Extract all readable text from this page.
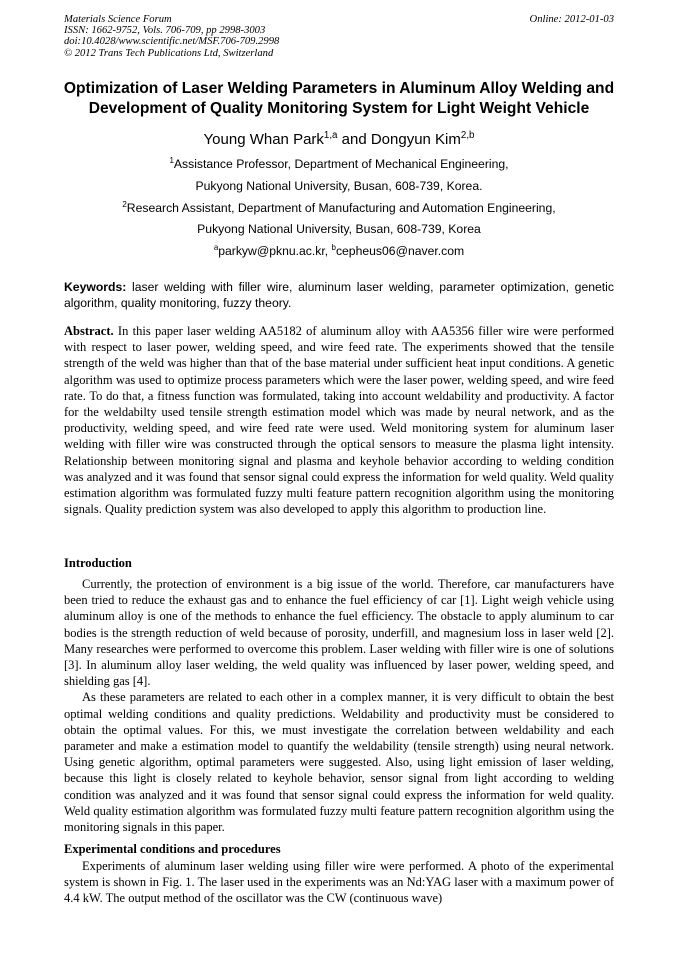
Materials Science Forum
ISSN: 1662-9752, Vols. 706-709, pp 2998-3003
doi:10.4028/www.scientific.net/MSF.706-709.2998
© 2012 Trans Tech Publications Ltd, Switzerland
Online: 2012-01-03
Optimization of Laser Welding Parameters in Aluminum Alloy Welding and Development of Quality Monitoring System for Light Weight Vehicle
Young Whan Park$^{1,a}$ and Dongyun Kim$^{2,b}$
$^1$Assistance Professor, Department of Mechanical Engineering,
Pukyong National University, Busan, 608-739, Korea.
$^2$Research Assistant, Department of Manufacturing and Automation Engineering,
Pukyong National University, Busan, 608-739, Korea
$^a$parkyw@pknu.ac.kr, $^b$cepheus06@naver.com
Keywords: laser welding with filler wire, aluminum laser welding, parameter optimization, genetic algorithm, quality monitoring, fuzzy theory.
Abstract. In this paper laser welding AA5182 of aluminum alloy with AA5356 filler wire were performed with respect to laser power, welding speed, and wire feed rate. The experiments showed that the tensile strength of the weld was higher than that of the base material under sufficient heat input conditions. A genetic algorithm was used to optimize process parameters which were the laser power, welding speed, and wire feed rate. To do that, a fitness function was formulated, taking into account weldability and productivity. A factor for the weldabilty used tensile strength estimation model which was made by neural network, and as the productivity, welding speed, and wire feed rate were used. Weld monitoring system for aluminum laser welding with filler wire was constructed through the optical sensors to measure the plasma light intensity. Relationship between monitoring signal and plasma and keyhole behavior according to welding condition was analyzed and it was found that sensor signal could express the information for weld quality. Weld quality estimation algorithm was formulated fuzzy multi feature pattern recognition algorithm using the monitoring signals. Quality prediction system was also developed to apply this algorithm to production line.
Introduction

Currently, the protection of environment is a big issue of the world. Therefore, car manufacturers have been tried to reduce the exhaust gas and to enhance the fuel efficiency of car [1]. Light weigh vehicle using aluminum alloy is one of the methods to enhance the fuel efficiency. The obstacle to apply aluminum to car bodies is the strength reduction of weld because of porosity, underfill, and magnesium loss in laser weld [2]. Many researches were performed to overcome this problem. Laser welding with filler wire is one of solutions [3]. In aluminum alloy laser welding, the weld quality was influenced by laser power, welding speed, and shielding gas [4].

As these parameters are related to each other in a complex manner, it is very difficult to obtain the best optimal welding conditions and quality predictions. Weldability and productivity must be considered to obtain the optimal values. For this, we must investigate the correlation between weldability and each parameter and make a estimation model to quantify the weldability (tensile strength) using neural network. Using genetic algorithm, optimal parameters were suggested. Also, using light emission of laser welding, because this light is closely related to keyhole behavior, sensor signal from light according to welding condition was analyzed and it was found that sensor signal could express the information for weld quality. Weld quality estimation algorithm was formulated fuzzy multi feature pattern recognition algorithm using the monitoring signals in this paper.

Experimental conditions and procedures

Experiments of aluminum laser welding using filler wire were performed. A photo of the experimental system is shown in Fig. 1. The laser used in the experiments was an Nd:YAG laser with a maximum power of 4.4 kW. The output method of the oscillator was the CW (continuous wave)
